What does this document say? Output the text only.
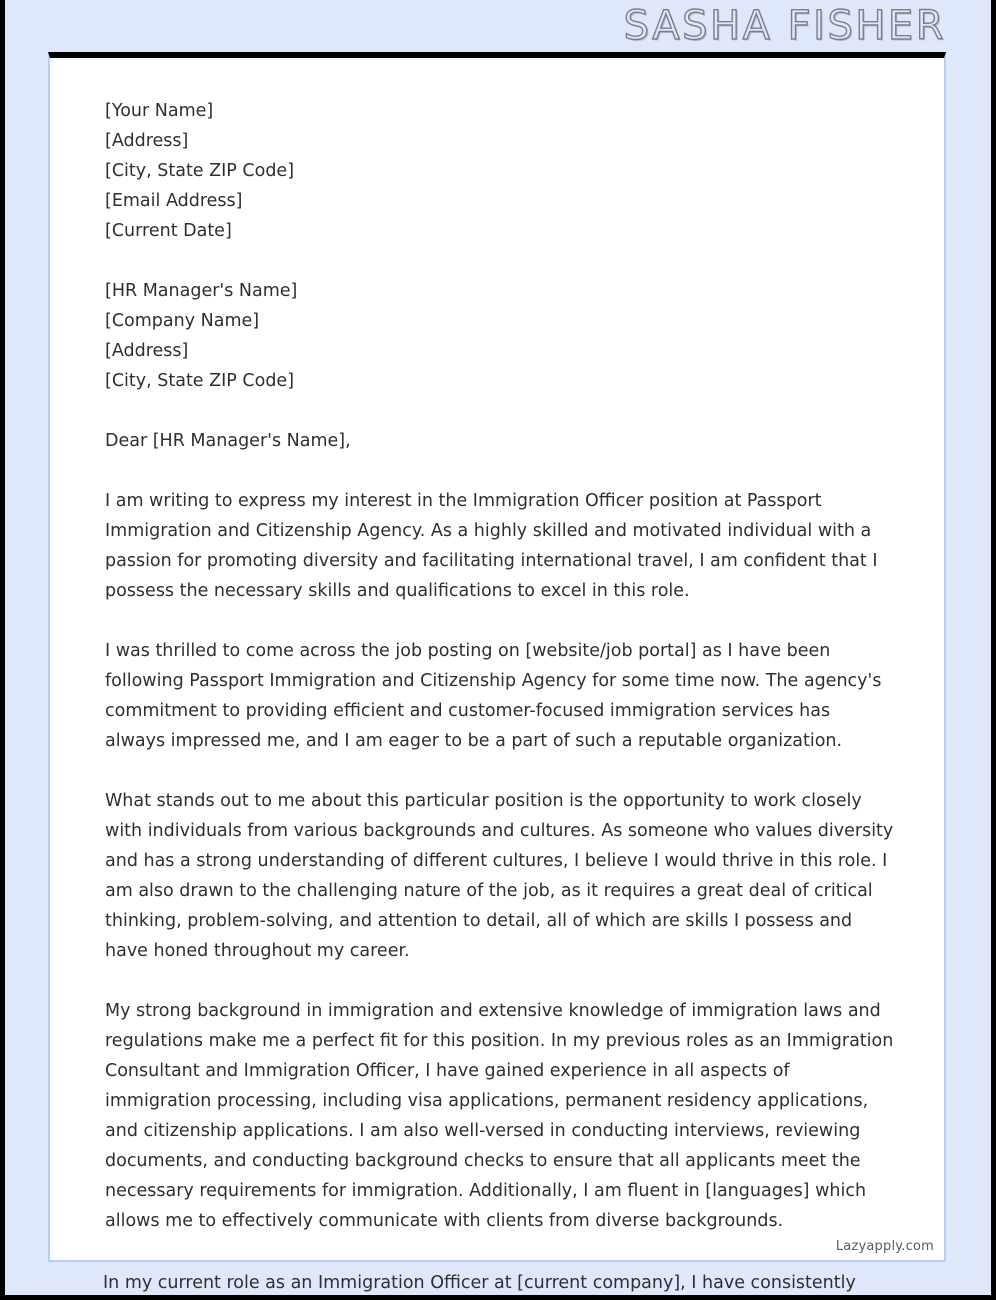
SASHA FISHER
[Your Name]
[Address]
[City, State ZIP Code]
[Email Address]
[Current Date]
[HR Manager's Name]
[Company Name]
[Address]
[City, State ZIP Code]
Dear [HR Manager's Name],
I am writing to express my interest in the Immigration Officer position at Passport Immigration and Citizenship Agency. As a highly skilled and motivated individual with a passion for promoting diversity and facilitating international travel, I am confident that I possess the necessary skills and qualifications to excel in this role.
I was thrilled to come across the job posting on [website/job portal] as I have been following Passport Immigration and Citizenship Agency for some time now. The agency's commitment to providing efficient and customer-focused immigration services has always impressed me, and I am eager to be a part of such a reputable organization.
What stands out to me about this particular position is the opportunity to work closely with individuals from various backgrounds and cultures. As someone who values diversity and has a strong understanding of different cultures, I believe I would thrive in this role. I am also drawn to the challenging nature of the job, as it requires a great deal of critical thinking, problem-solving, and attention to detail, all of which are skills I possess and have honed throughout my career.
My strong background in immigration and extensive knowledge of immigration laws and regulations make me a perfect fit for this position. In my previous roles as an Immigration Consultant and Immigration Officer, I have gained experience in all aspects of immigration processing, including visa applications, permanent residency applications, and citizenship applications. I am also well-versed in conducting interviews, reviewing documents, and conducting background checks to ensure that all applicants meet the necessary requirements for immigration. Additionally, I am fluent in [languages] which allows me to effectively communicate with clients from diverse backgrounds.
Lazyapply.com
In my current role as an Immigration Officer at [current company], I have consistently
